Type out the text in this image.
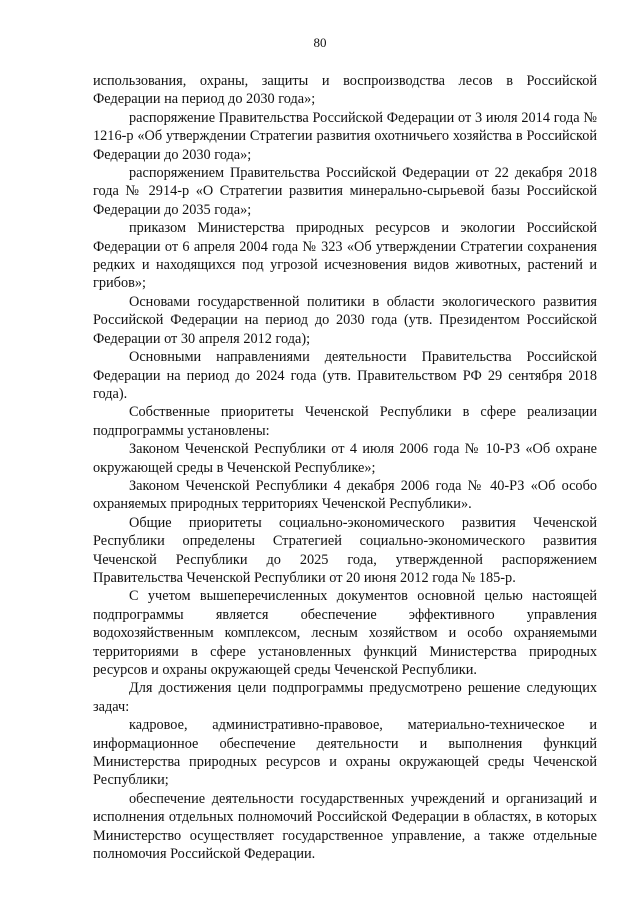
80

использования, охраны, защиты и воспроизводства лесов в Российской Федерации на период до 2030 года»;

распоряжение Правительства Российской Федерации от 3 июля 2014 года № 1216-р «Об утверждении Стратегии развития охотничьего хозяйства в Российской Федерации до 2030 года»;

распоряжением Правительства Российской Федерации от 22 декабря 2018 года № 2914-р «О Стратегии развития минерально-сырьевой базы Российской Федерации до 2035 года»;

приказом Министерства природных ресурсов и экологии Российской Федерации от 6 апреля 2004 года № 323 «Об утверждении Стратегии сохранения редких и находящихся под угрозой исчезновения видов животных, растений и грибов»;

Основами государственной политики в области экологического развития Российской Федерации на период до 2030 года (утв. Президентом Российской Федерации от 30 апреля 2012 года);

Основными направлениями деятельности Правительства Российской Федерации на период до 2024 года (утв. Правительством РФ 29 сентября 2018 года).

Собственные приоритеты Чеченской Республики в сфере реализации подпрограммы установлены:

Законом Чеченской Республики от 4 июля 2006 года № 10-РЗ «Об охране окружающей среды в Чеченской Республике»;

Законом Чеченской Республики 4 декабря 2006 года № 40-РЗ «Об особо охраняемых природных территориях Чеченской Республики».

Общие приоритеты социально-экономического развития Чеченской Республики определены Стратегией социально-экономического развития Чеченской Республики до 2025 года, утвержденной распоряжением Правительства Чеченской Республики от 20 июня 2012 года № 185-р.

С учетом вышеперечисленных документов основной целью настоящей подпрограммы является обеспечение эффективного управления водохозяйственным комплексом, лесным хозяйством и особо охраняемыми территориями в сфере установленных функций Министерства природных ресурсов и охраны окружающей среды Чеченской Республики.

Для достижения цели подпрограммы предусмотрено решение следующих задач:

кадровое, административно-правовое, материально-техническое и информационное обеспечение деятельности и выполнения функций Министерства природных ресурсов и охраны окружающей среды Чеченской Республики;

обеспечение деятельности государственных учреждений и организаций и исполнения отдельных полномочий Российской Федерации в областях, в которых Министерство осуществляет государственное управление, а также отдельные полномочия Российской Федерации.
